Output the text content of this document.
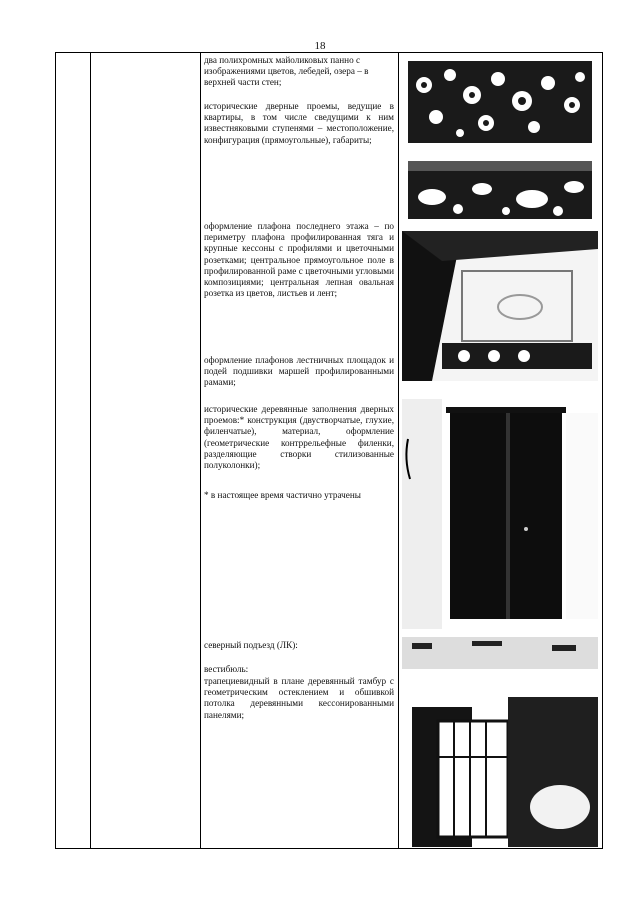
18
два полихромных майоликовых панно с изображениями цветов, лебедей, озера – в верхней части стен;
исторические дверные проемы, ведущие в квартиры, в том числе сведущими к ним известняковыми ступенями – местоположение, конфигурация (прямоугольные), габариты;
оформление плафона последнего этажа – по периметру плафона профилированная тяга и крупные кессоны с профилями и цветочными розетками; центральное прямоугольное поле в профилированной раме с цветочными угловыми композициями; центральная лепная овальная розетка из цветов, листьев и лент;
оформление плафонов лестничных площадок и подей подшивки маршей профилированными рамами;
исторические деревянные заполнения дверных проемов:* конструкция (двустворчатые, глухие, филенчатые), материал, оформление (геометрические контррельефные филенки, разделяющие створки стилизованные полуколонки);
* в настоящее время частично утрачены
северный подъезд (ЛК):
вестибюль:
трапециевидный в плане деревянный тамбур с геометрическим остеклением и обшивкой потолка деревянными кессонированными панелями;
